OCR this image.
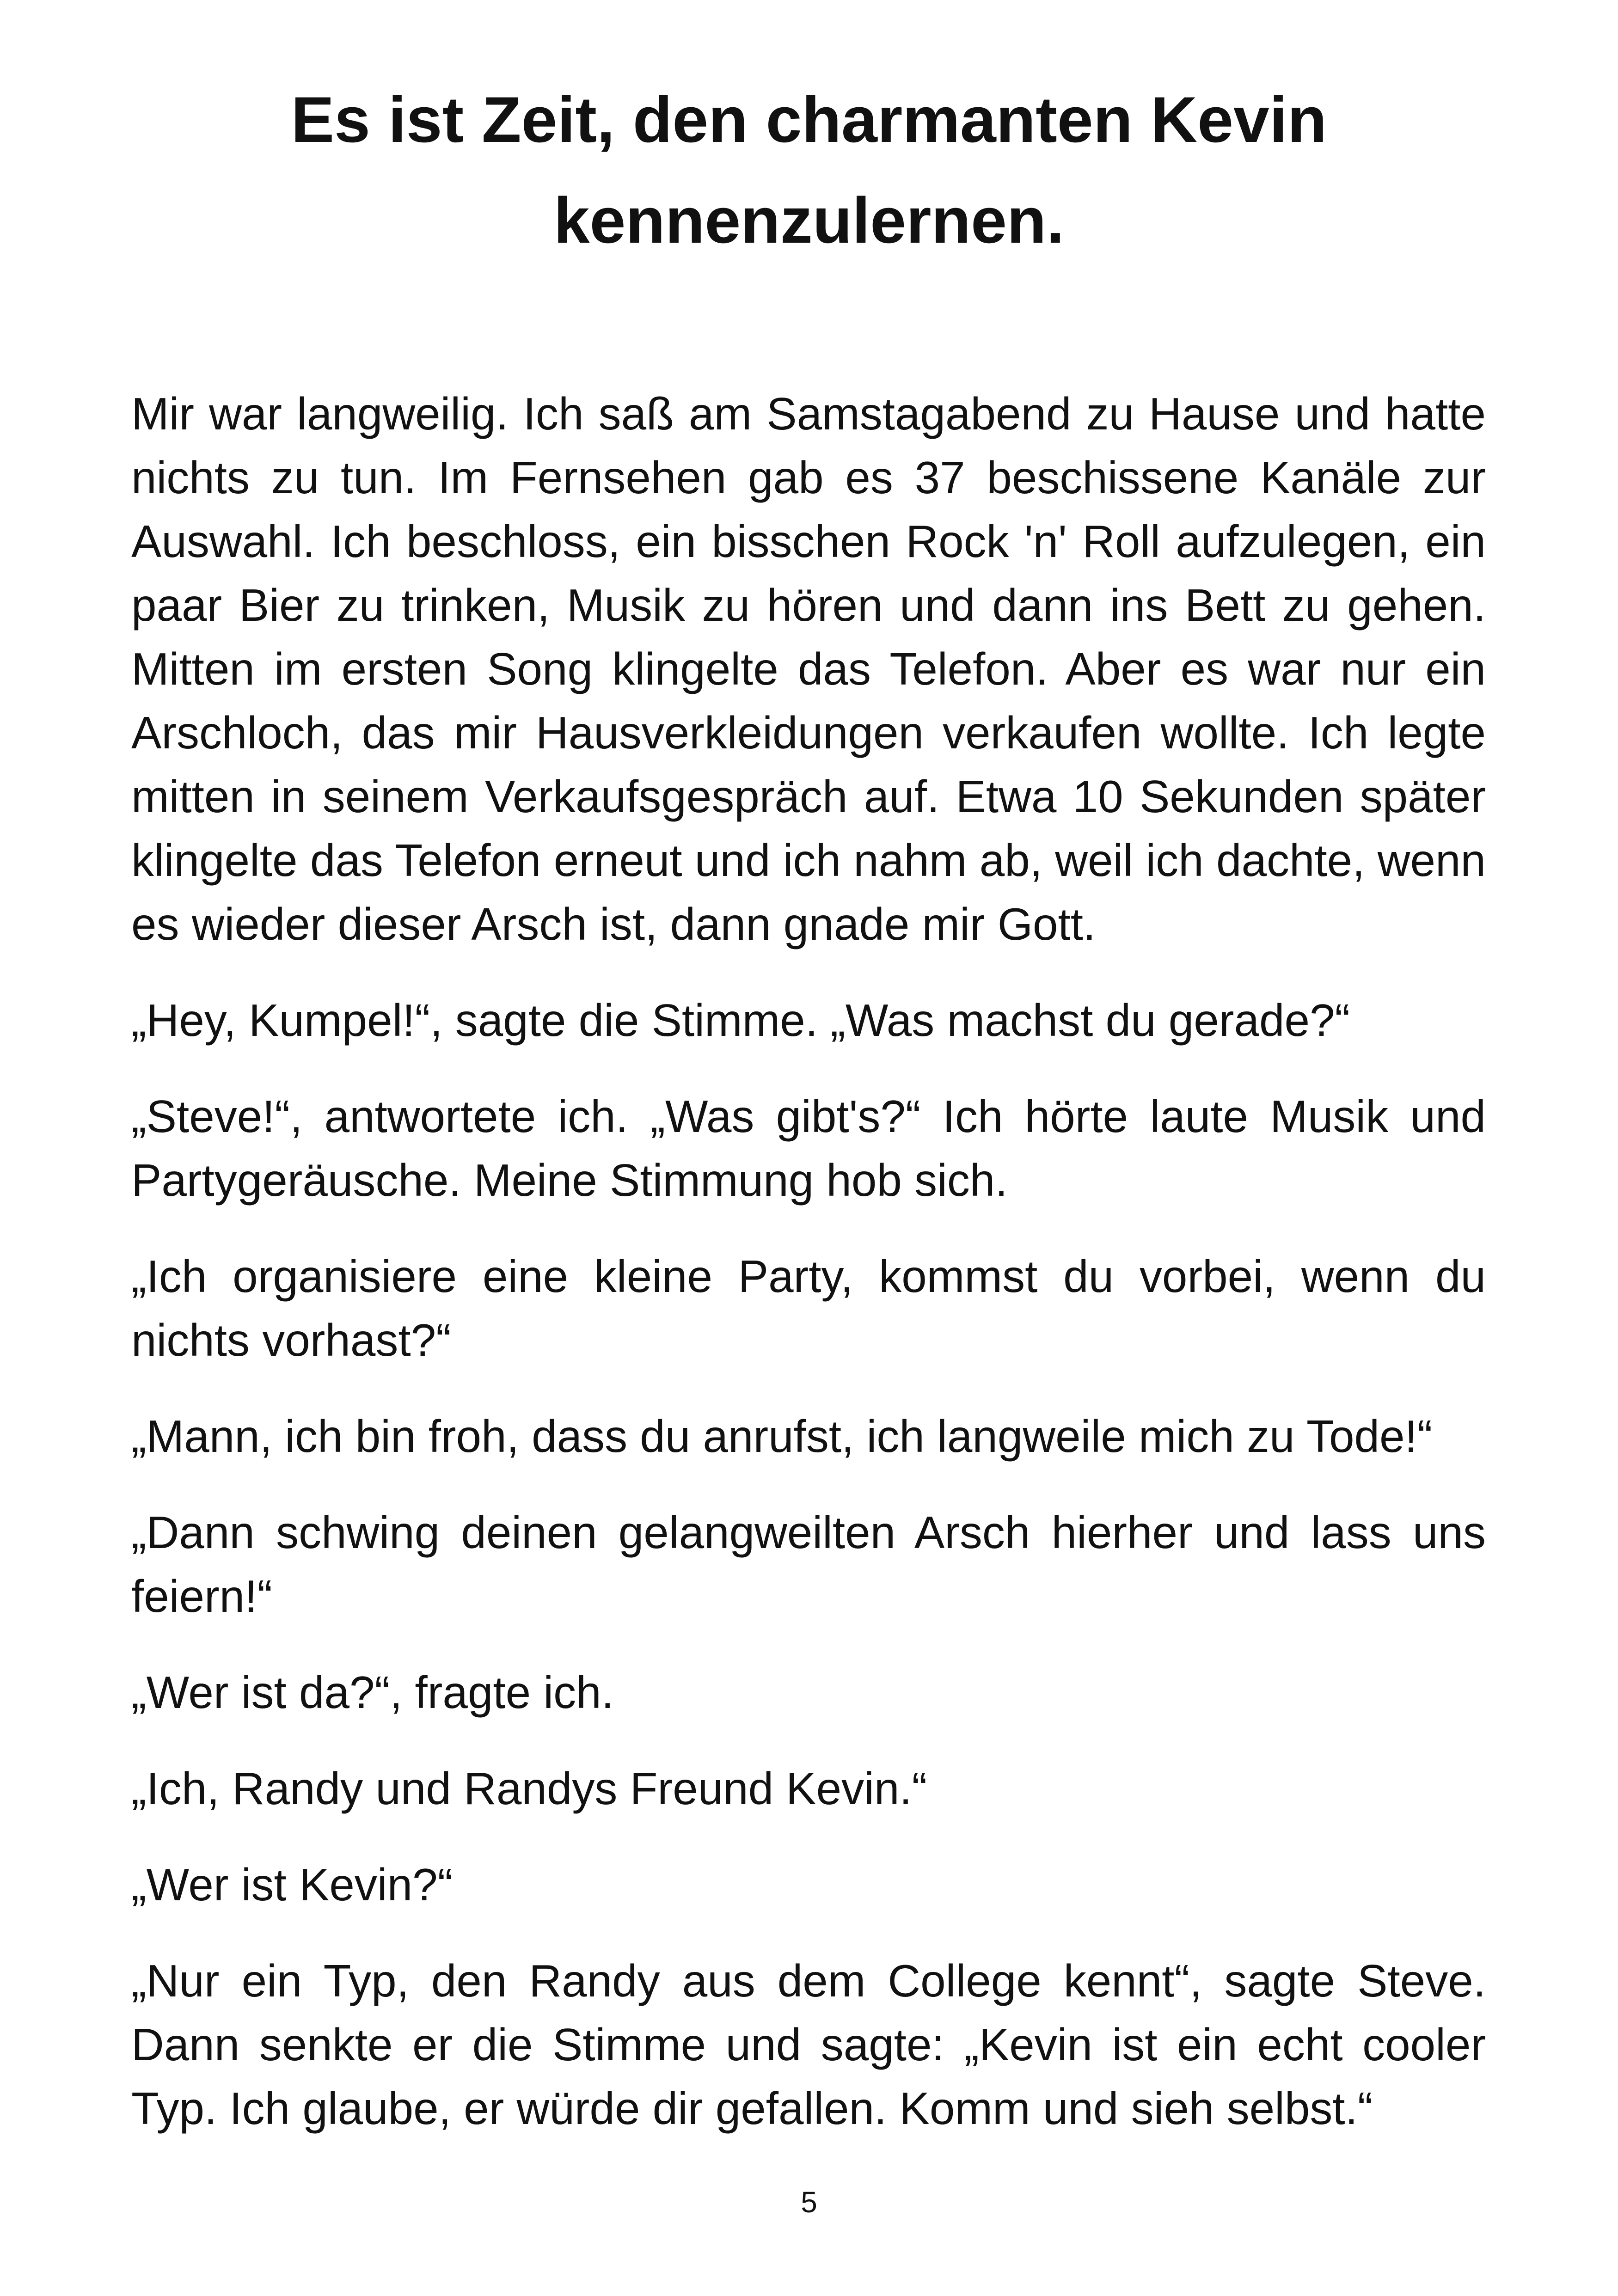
Es ist Zeit, den charmanten Kevin
kennenzulernen.

Mir war langweilig. Ich saß am Samstagabend zu Hause und hatte nichts zu tun. Im Fernsehen gab es 37 beschissene Kanäle zur Auswahl. Ich beschloss, ein bisschen Rock 'n' Roll aufzulegen, ein paar Bier zu trinken, Musik zu hören und dann ins Bett zu gehen. Mitten im ersten Song klingelte das Telefon. Aber es war nur ein Arschloch, das mir Hausverkleidungen verkaufen wollte. Ich legte mitten in seinem Verkaufsgespräch auf. Etwa 10 Sekunden später klingelte das Telefon erneut und ich nahm ab, weil ich dachte, wenn es wieder dieser Arsch ist, dann gnade mir Gott.

„Hey, Kumpel!“, sagte die Stimme. „Was machst du gerade?“

„Steve!“, antwortete ich. „Was gibt's?“ Ich hörte laute Musik und Partygeräusche. Meine Stimmung hob sich.

„Ich organisiere eine kleine Party, kommst du vorbei, wenn du nichts vorhast?“

„Mann, ich bin froh, dass du anrufst, ich langweile mich zu Tode!“

„Dann schwing deinen gelangweilten Arsch hierher und lass uns feiern!“

„Wer ist da?“, fragte ich.

„Ich, Randy und Randys Freund Kevin.“

„Wer ist Kevin?“

„Nur ein Typ, den Randy aus dem College kennt“, sagte Steve. Dann senkte er die Stimme und sagte: „Kevin ist ein echt cooler Typ. Ich glaube, er würde dir gefallen. Komm und sieh selbst.“

5
